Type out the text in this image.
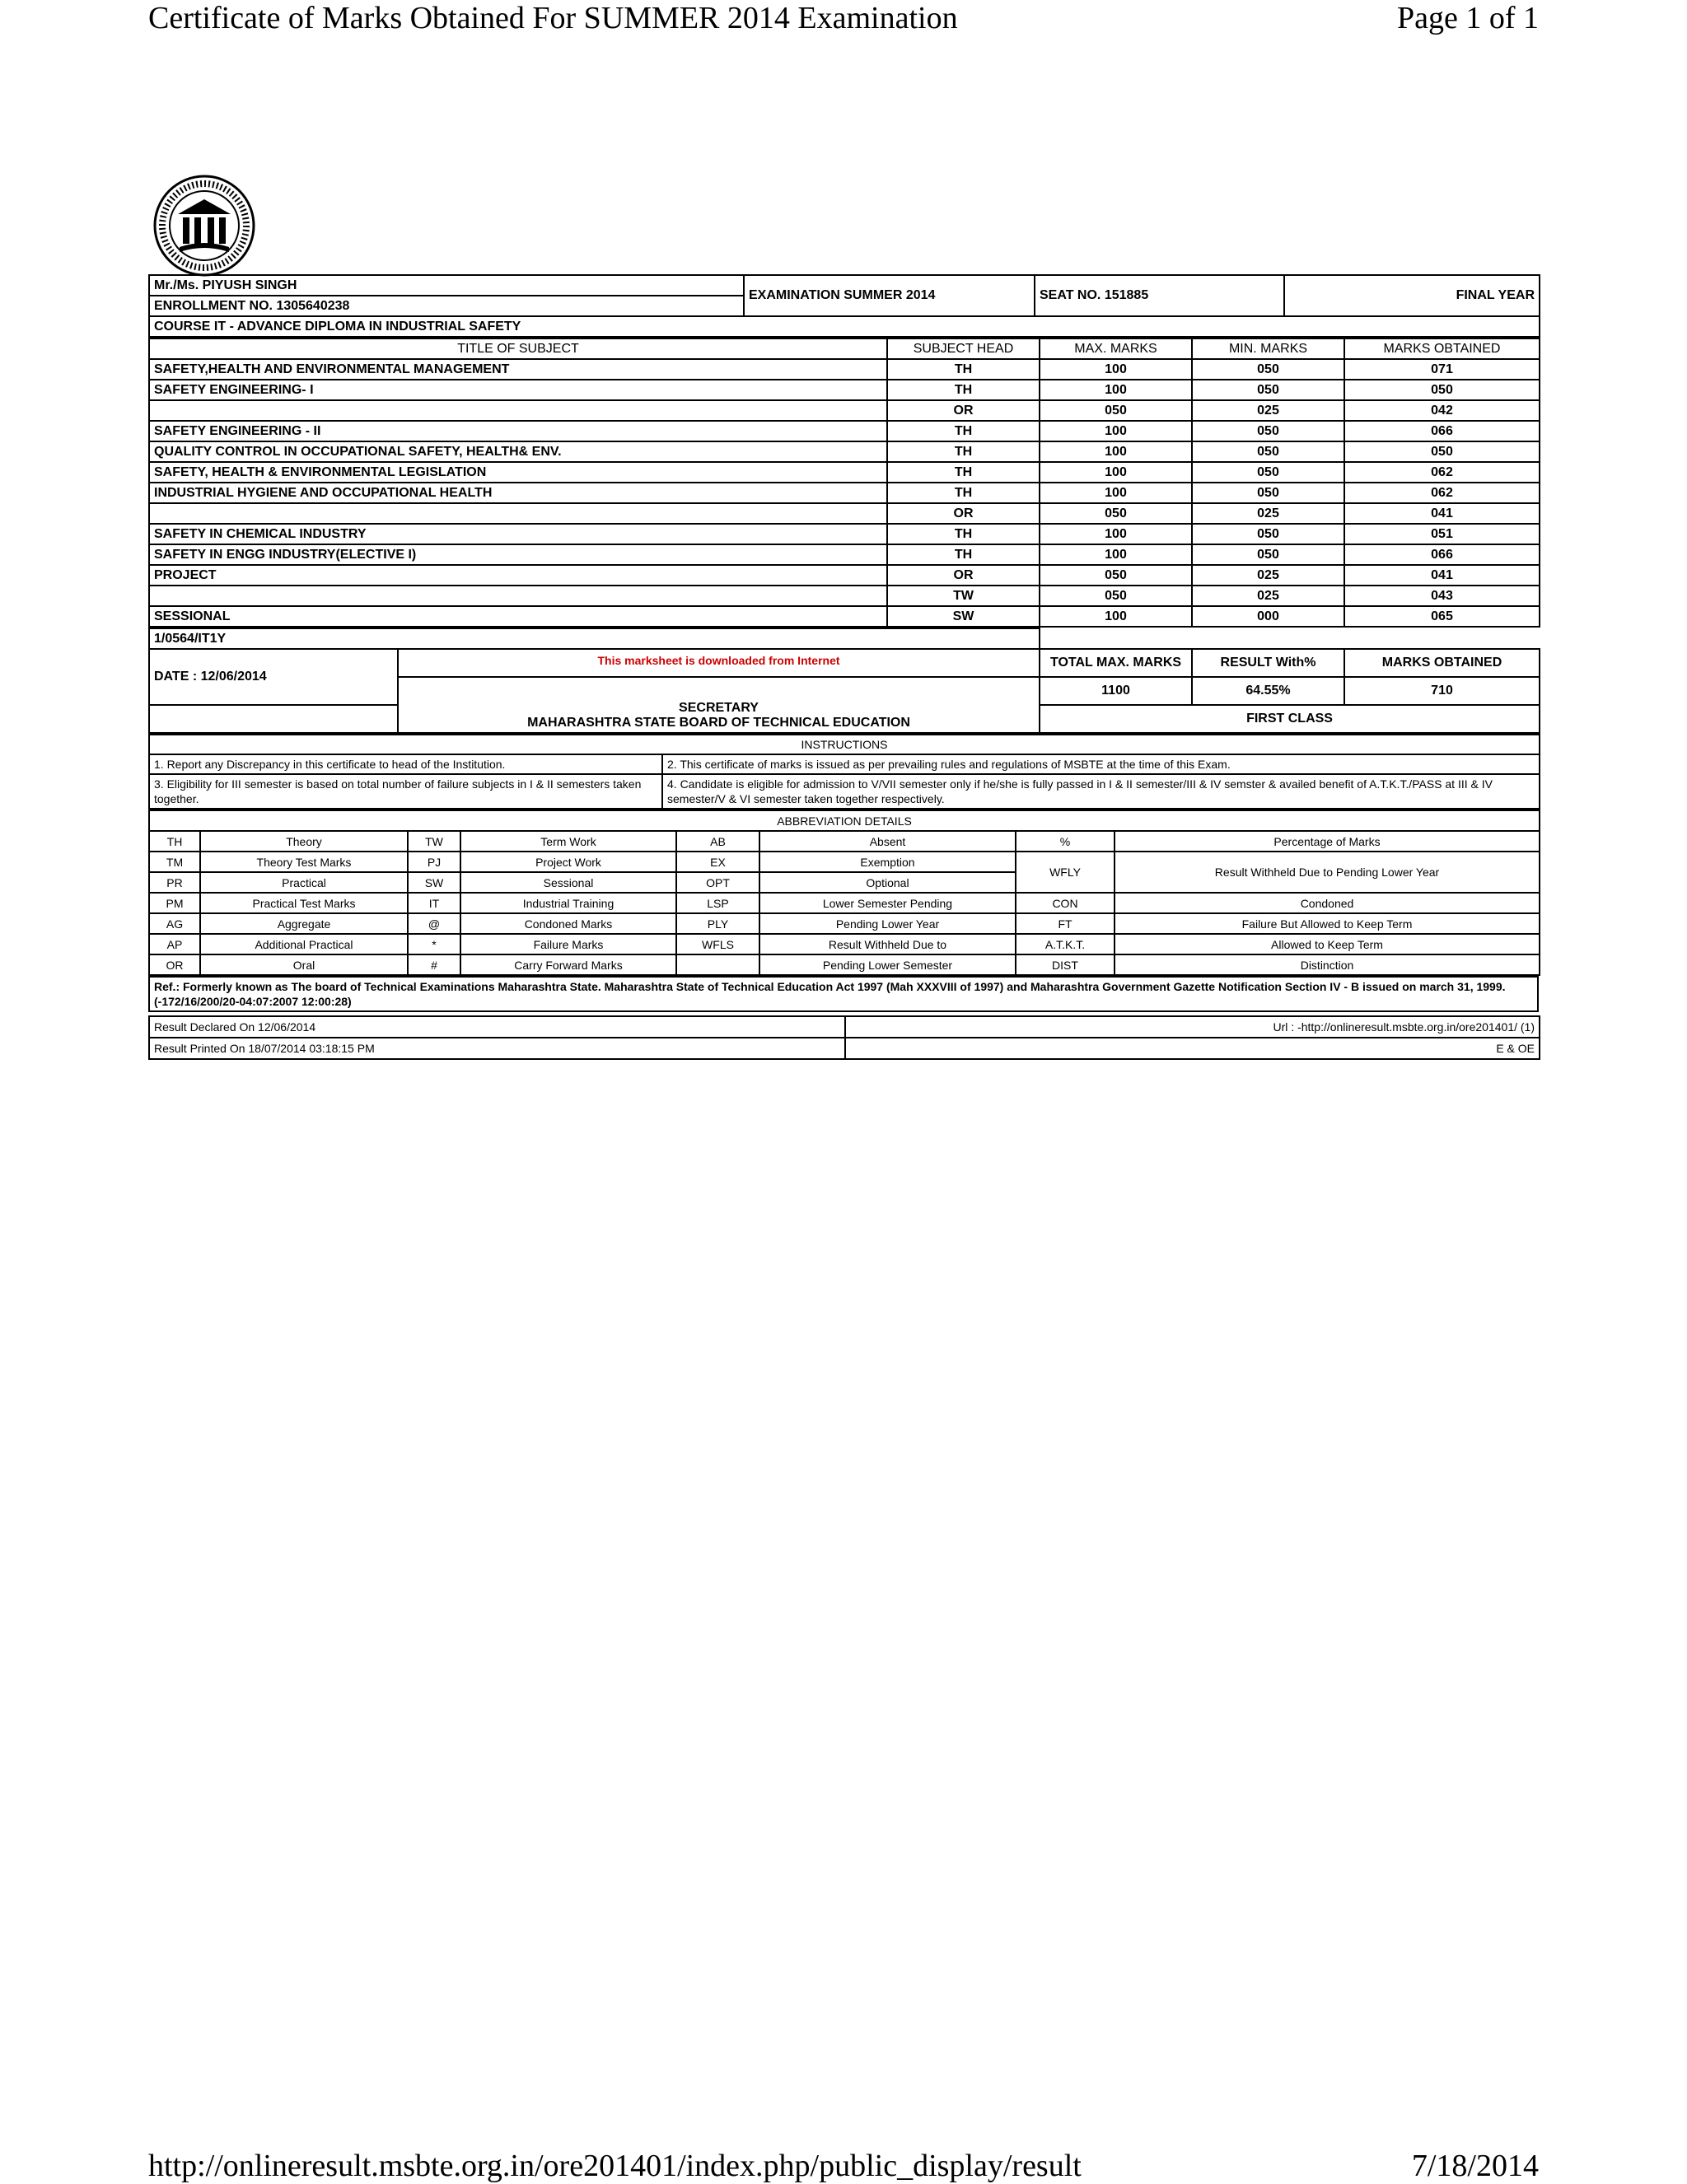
Certificate of Marks Obtained For SUMMER 2014 Examination	Page 1 of 1
Mr./Ms. PIYUSH SINGH	EXAMINATION SUMMER 2014	SEAT NO. 151885	FINAL YEAR
ENROLLMENT NO. 1305640238
COURSE IT - ADVANCE DIPLOMA IN INDUSTRIAL SAFETY
TITLE OF SUBJECT	SUBJECT HEAD	MAX. MARKS	MIN. MARKS	MARKS OBTAINED
SAFETY,HEALTH AND ENVIRONMENTAL MANAGEMENT	TH	100	050	071
SAFETY ENGINEERING- I	TH	100	050	050
	OR	050	025	042
SAFETY ENGINEERING - II	TH	100	050	066
QUALITY CONTROL IN OCCUPATIONAL SAFETY, HEALTH& ENV.	TH	100	050	050
SAFETY, HEALTH & ENVIRONMENTAL LEGISLATION	TH	100	050	062
INDUSTRIAL HYGIENE AND OCCUPATIONAL HEALTH	TH	100	050	062
	OR	050	025	041
SAFETY IN CHEMICAL INDUSTRY	TH	100	050	051
SAFETY IN ENGG INDUSTRY(ELECTIVE I)	TH	100	050	066
PROJECT	OR	050	025	041
	TW	050	025	043
SESSIONAL	SW	100	000	065
1/0564/IT1Y				
DATE : 12/06/2014	This marksheet is downloaded from Internet	TOTAL MAX. MARKS	RESULT With%	MARKS OBTAINED

	SECRETARY
MAHARASHTRA STATE BOARD OF TECHNICAL EDUCATION	1100	64.55%	710
		FIRST CLASS		
INSTRUCTIONS	
1. Report any Discrepancy in this certificate to head of the Institution.	2. This certificate of marks is issued as per prevailing rules and regulations of MSBTE at the time of this Exam.
3. Eligibility for III semester is based on total number of failure subjects in I & II semesters taken together.	4. Candidate is eligible for admission to V/VII semester only if he/she is fully passed in I & II semester/III & IV semster & availed benefit of A.T.K.T./PASS at III & IV semester/V & VI semester taken together respectively.
ABBREVIATION DETAILS							
TH	Theory	TW	Term Work	AB	Absent	%	Percentage of Marks
TM	Theory Test Marks	PJ	Project Work	EX	Exemption	WFLY	Result Withheld Due to Pending Lower Year
PR	Practical	SW	Sessional	OPT	Optional		
PM	Practical Test Marks	IT	Industrial Training	LSP	Lower Semester Pending	CON	Condoned
AG	Aggregate	@	Condoned Marks	PLY	Pending Lower Year	FT	Failure But Allowed to Keep Term
AP	Additional Practical	*	Failure Marks	WFLS	Result Withheld Due to	A.T.K.T.	Allowed to Keep Term
OR	Oral	#	Carry Forward Marks		Pending Lower Semester	DIST	Distinction
Ref.: Formerly known as The board of Technical Examinations Maharashtra State. Maharashtra State of Technical Education Act 1997 (Mah XXXVIII of 1997) and Maharashtra Government Gazette Notification Section IV - B issued on march 31, 1999. (-172/16/200/20-04:07:2007 12:00:28)
Result Declared On 12/06/2014	Url : -http://onlineresult.msbte.org.in/ore201401/ (1)
Result Printed On 18/07/2014 03:18:15 PM	E & OE
http://onlineresult.msbte.org.in/ore201401/index.php/public_display/result	7/18/2014
